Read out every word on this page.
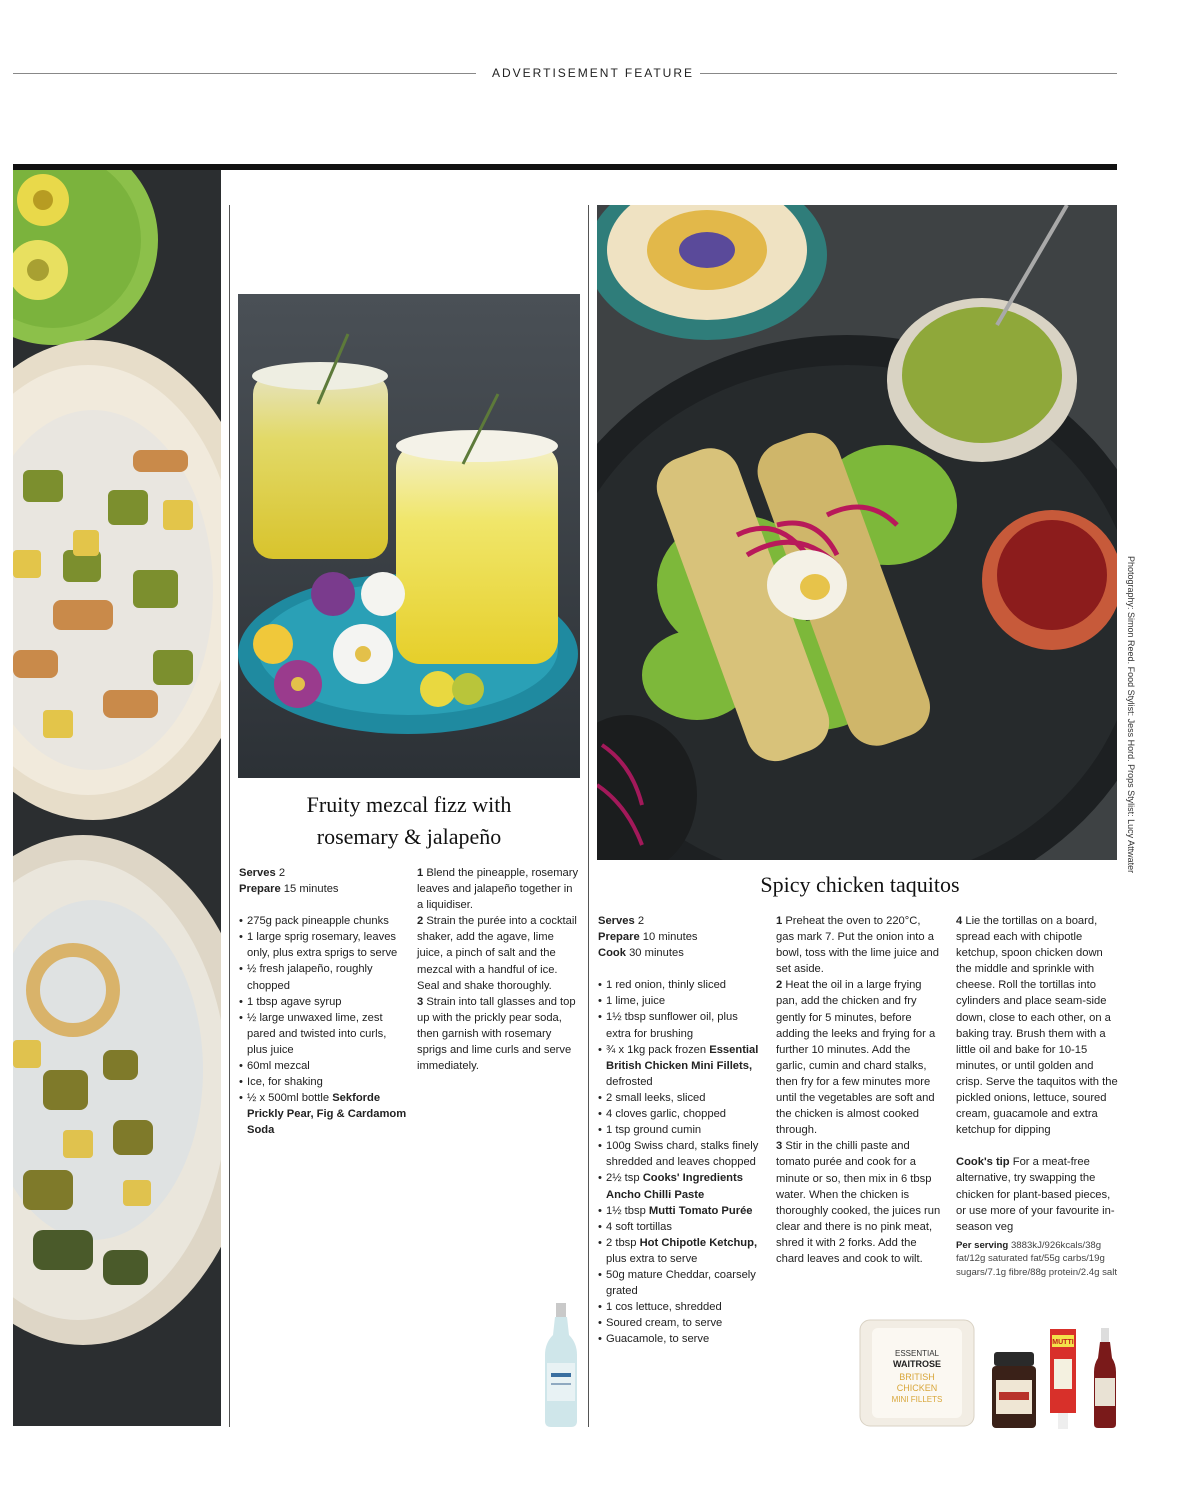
ADVERTISEMENT FEATURE
Fruity mezcal fizz with
rosemary & jalapeño
Serves 2
Prepare 15 minutes
• 275g pack pineapple chunks
• 1 large sprig rosemary, leaves only, plus extra sprigs to serve
• ½ fresh jalapeño, roughly chopped
• 1 tbsp agave syrup
• ½ large unwaxed lime, zest pared and twisted into curls, plus juice
• 60ml mezcal
• Ice, for shaking
• ½ x 500ml bottle Sekforde Prickly Pear, Fig & Cardamom Soda
1 Blend the pineapple, rosemary leaves and jalapeño together in a liquidiser.
2 Strain the purée into a cocktail shaker, add the agave, lime juice, a pinch of salt and the mezcal with a handful of ice. Seal and shake thoroughly.
3 Strain into tall glasses and top up with the prickly pear soda, then garnish with rosemary sprigs and lime curls and serve immediately.
Photography: Simon Reed. Food Stylist: Jess Hord. Props Stylist: Lucy Attwater
Spicy chicken taquitos
Serves 2
Prepare 10 minutes
Cook 30 minutes
• 1 red onion, thinly sliced
• 1 lime, juice
• 1½ tbsp sunflower oil, plus extra for brushing
• ¾ x 1kg pack frozen Essential British Chicken Mini Fillets, defrosted
• 2 small leeks, sliced
• 4 cloves garlic, chopped
• 1 tsp ground cumin
• 100g Swiss chard, stalks finely shredded and leaves chopped
• 2½ tsp Cooks' Ingredients Ancho Chilli Paste
• 1½ tbsp Mutti Tomato Purée
• 4 soft tortillas
• 2 tbsp Hot Chipotle Ketchup, plus extra to serve
• 50g mature Cheddar, coarsely grated
• 1 cos lettuce, shredded
• Soured cream, to serve
• Guacamole, to serve
1 Preheat the oven to 220°C, gas mark 7. Put the onion into a bowl, toss with the lime juice and set aside.
2 Heat the oil in a large frying pan, add the chicken and fry gently for 5 minutes, before adding the leeks and frying for a further 10 minutes. Add the garlic, cumin and chard stalks, then fry for a few minutes more until the vegetables are soft and the chicken is almost cooked through.
3 Stir in the chilli paste and tomato purée and cook for a minute or so, then mix in 6 tbsp water. When the chicken is thoroughly cooked, the juices run clear and there is no pink meat, shred it with 2 forks. Add the chard leaves and cook to wilt.
4 Lie the tortillas on a board, spread each with chipotle ketchup, spoon chicken down the middle and sprinkle with cheese. Roll the tortillas into cylinders and place seam-side down, close to each other, on a baking tray. Brush them with a little oil and bake for 10-15 minutes, or until golden and crisp. Serve the taquitos with the pickled onions, lettuce, soured cream, guacamole and extra ketchup for dipping
Cook's tip For a meat-free alternative, try swapping the chicken for plant-based pieces, or use more of your favourite in-season veg
Per serving 3883kJ/926kcals/38g fat/12g saturated fat/55g carbs/19g sugars/7.1g fibre/88g protein/2.4g salt
ESSENTIAL
WAITROSE
BRITISH
CHICKEN
MINI FILLETS
MUTTI
